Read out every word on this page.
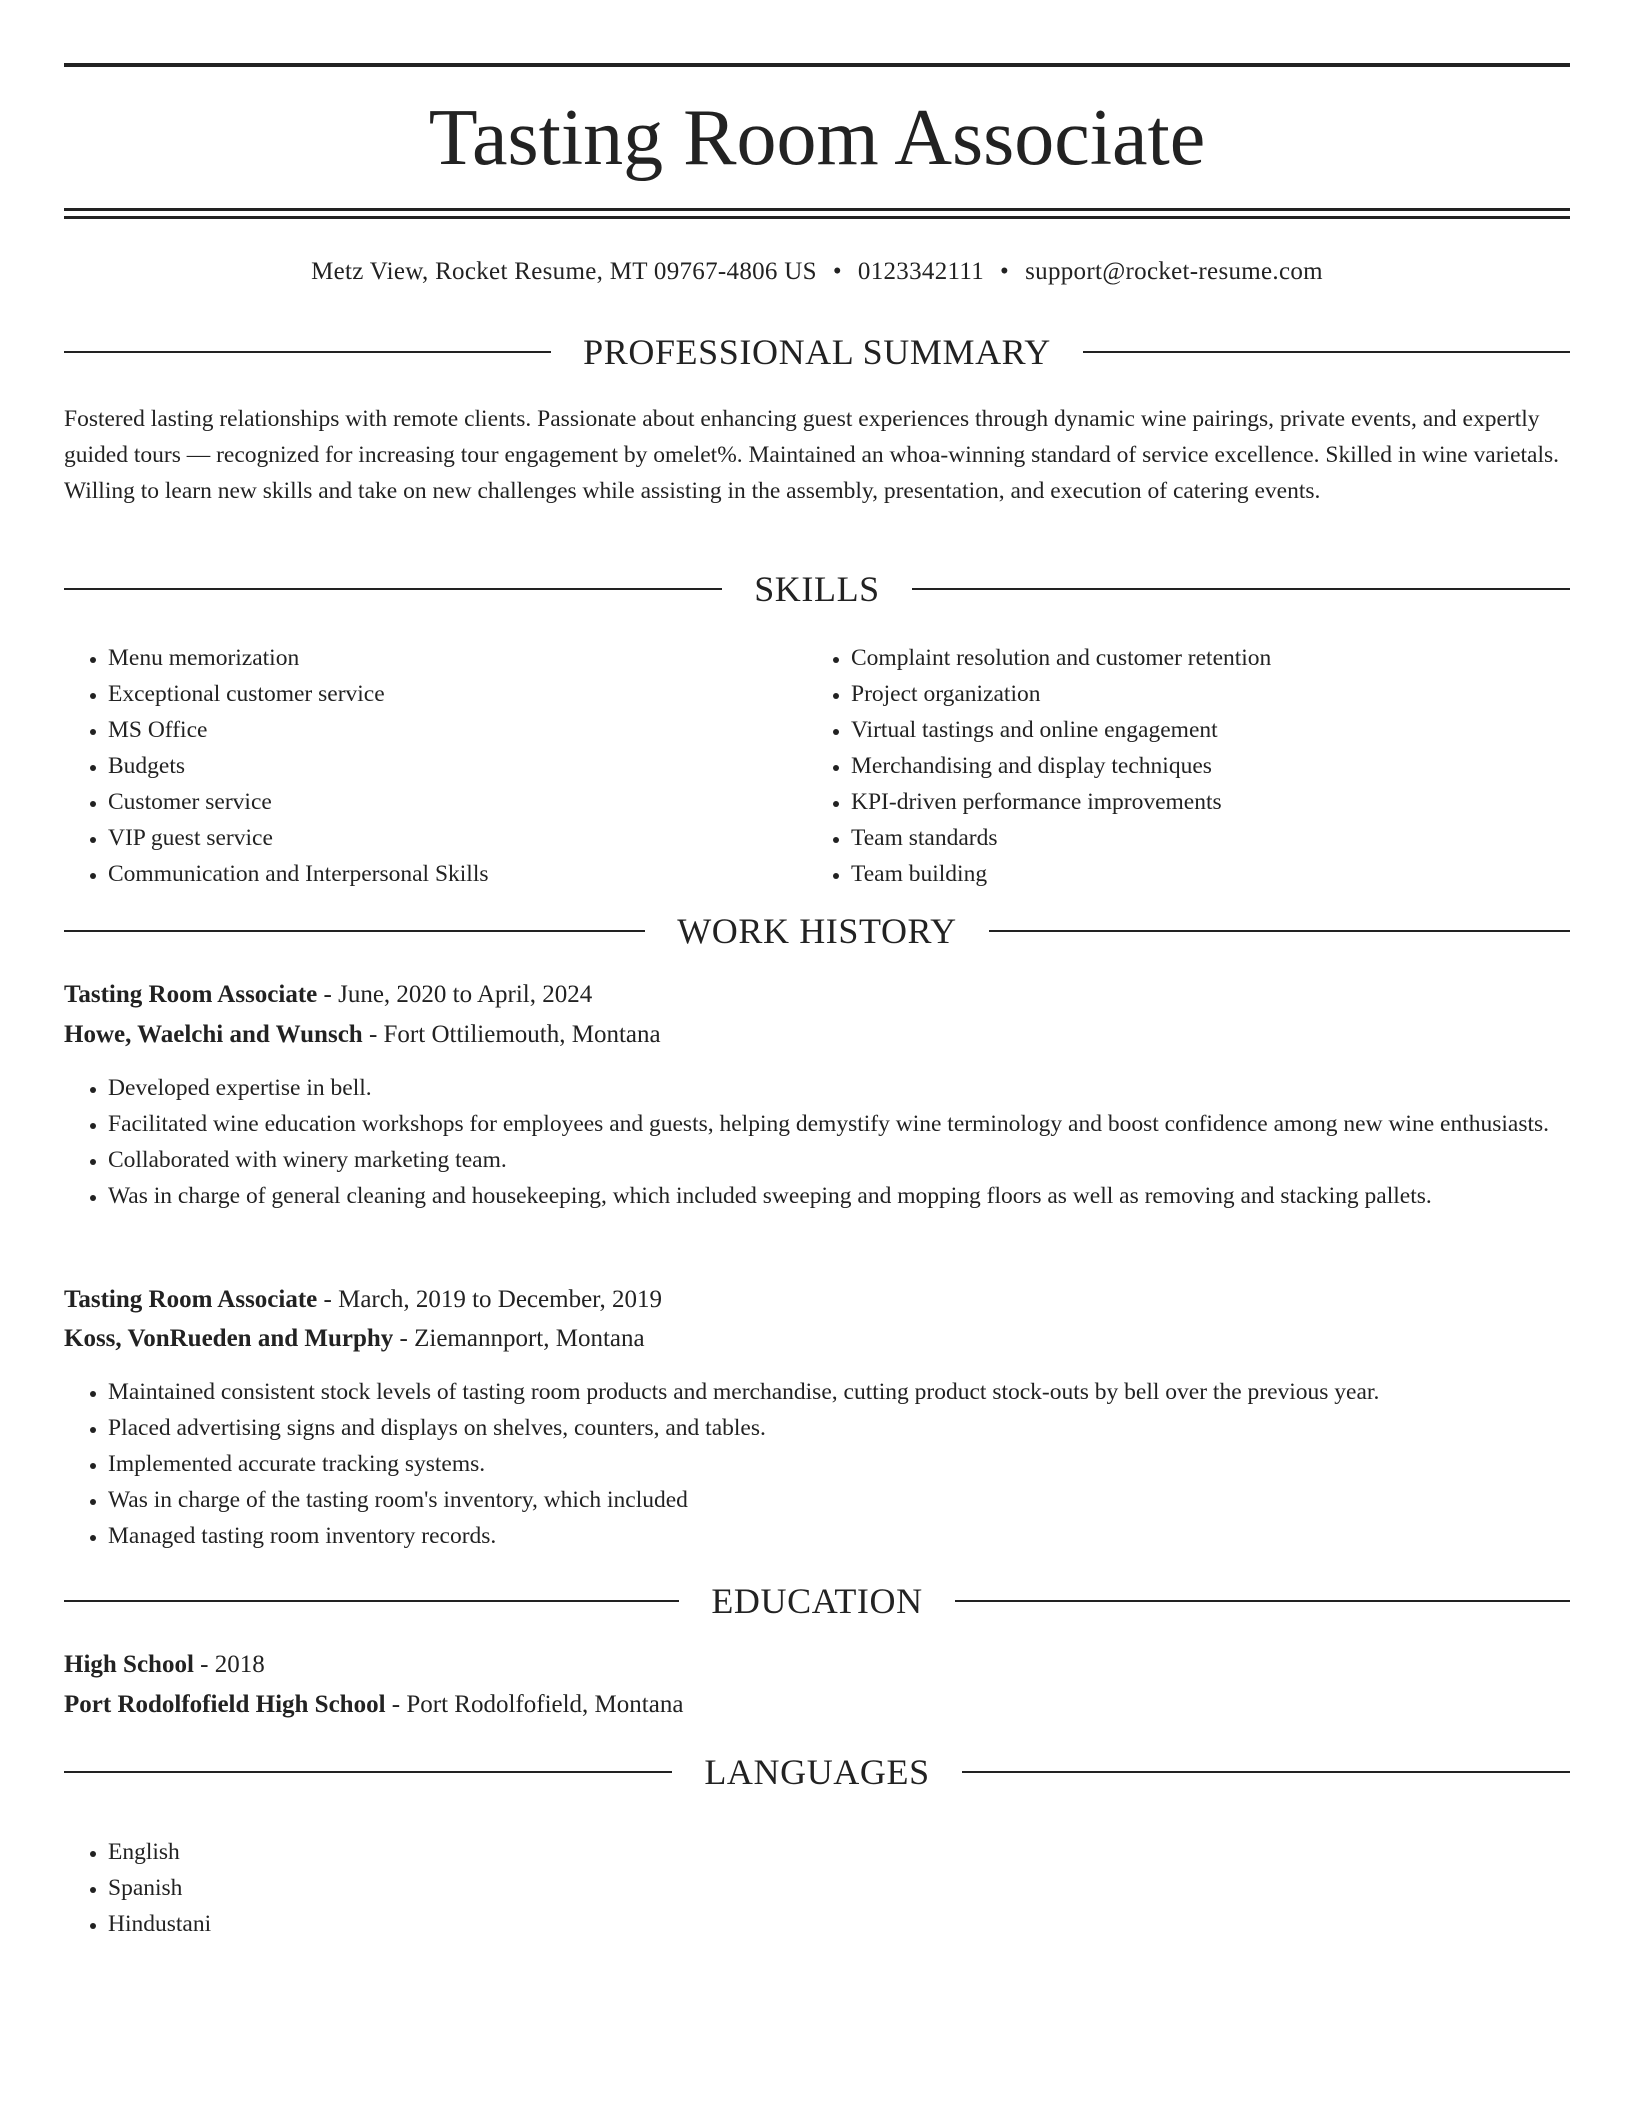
Tasting Room Associate
Metz View, Rocket Resume, MT 09767-4806 US • 0123342111 • support@rocket-resume.com
PROFESSIONAL SUMMARY

Fostered lasting relationships with remote clients. Passionate about enhancing guest experiences through dynamic wine pairings, private events, and expertly guided tours — recognized for increasing tour engagement by omelet%. Maintained an whoa-winning standard of service excellence. Skilled in wine varietals. Willing to learn new skills and take on new challenges while assisting in the assembly, presentation, and execution of catering events.

SKILLS
• Menu memorization
• Exceptional customer service
• MS Office
• Budgets
• Customer service
• VIP guest service
• Communication and Interpersonal Skills
• Complaint resolution and customer retention
• Project organization
• Virtual tastings and online engagement
• Merchandising and display techniques
• KPI-driven performance improvements
• Team standards
• Team building
WORK HISTORY
Tasting Room Associate - June, 2020 to April, 2024
Howe, Waelchi and Wunsch - Fort Ottiliemouth, Montana
• Developed expertise in bell.
• Facilitated wine education workshops for employees and guests, helping demystify wine terminology and boost confidence among new wine enthusiasts.
• Collaborated with winery marketing team.
• Was in charge of general cleaning and housekeeping, which included sweeping and mopping floors as well as removing and stacking pallets.
Tasting Room Associate - March, 2019 to December, 2019
Koss, VonRueden and Murphy - Ziemannport, Montana
• Maintained consistent stock levels of tasting room products and merchandise, cutting product stock-outs by bell over the previous year.
• Placed advertising signs and displays on shelves, counters, and tables.
• Implemented accurate tracking systems.
• Was in charge of the tasting room's inventory, which included
• Managed tasting room inventory records.
EDUCATION
High School - 2018
Port Rodolfofield High School - Port Rodolfofield, Montana
LANGUAGES
• English
• Spanish
• Hindustani
